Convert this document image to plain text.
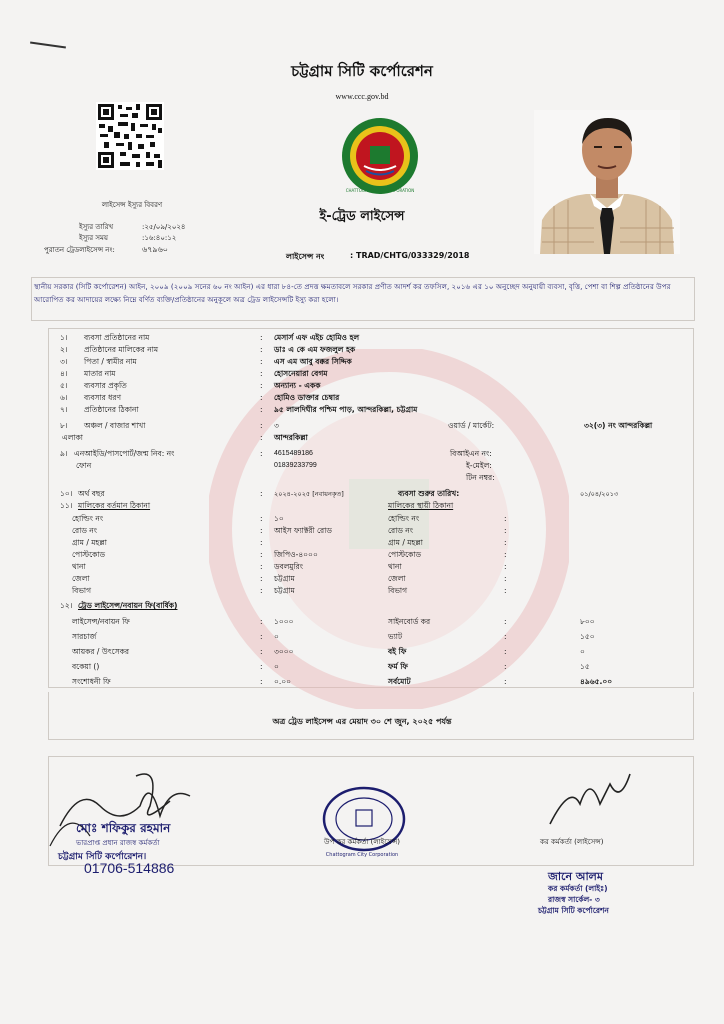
চট্টগ্রাম সিটি কর্পোরেশন
www.ccc.gov.bd
লাইসেন্স ইস্যুর বিবরণ
ইস্যুর তারিখ	:২৫/০৯/২০২৪
ইস্যুর সময়	:১৬:৪০:১২
পুরাতন ট্রেডলাইসেন্স নং:	৬৭৯৬০
CHATTOGRAM CITY CORPORATION
ই-ট্রেড লাইসেন্স
লাইসেন্স নং	: TRAD/CHTG/033329/2018
স্থানীয় সরকার (সিটি কর্পোরেশন) আইন, ২০০৯ (২০০৯ সনের ৬০ নং আইন) এর ধারা ৮৪-তে প্রদত্ত ক্ষমতাবলে সরকার প্রণীত আদর্শ কর তফসিল, ২০১৬ এর ১০ অনুচ্ছেদ অনুযায়ী ব্যবসা, বৃত্তি, পেশা বা শিল্প প্রতিষ্ঠানের উপর আরোপিত কর আদায়ের লক্ষ্যে নিম্নে বর্ণিত ব্যক্তি/প্রতিষ্ঠানের অনুকূলে অত্র ট্রেড লাইসেন্সটি ইস্যু করা হলো।
১। ব্যবসা প্রতিষ্ঠানের নাম	: মেসার্স এফ এইচ হোমিও হল
২। প্রতিষ্ঠানের মালিকের নাম	: ডাঃ এ কে এম ফজলুল হক
৩। পিতা / স্বামীর নাম	: এস এম আবু বক্কর সিদ্দিক
৪। মাতার নাম	: হোসনেয়ারা বেগম
৫। ব্যবসার প্রকৃতি	: অন্যান্য - একক
৬। ব্যবসার ধরণ	: হোমিও ডাক্তার চেম্বার
৭। প্রতিষ্ঠানের ঠিকানা	: ৯৫ লালদিঘীর পশ্চিম পাড়, আন্দরকিল্লা, চট্টগ্রাম
৮। অঞ্চল / বাজার শাখা	: ৩	ওয়ার্ড / মার্কেট:	৩২(৩) নং আন্দরকিল্লা
এলাকা	: আন্দরকিল্লা
৯। এনআইডি/পাসপোর্ট/জন্ম নিব: নং	: 4615489186	বিআইএন নং:
ফোন	01839233799	ই-মেইল:
টিন নম্বর:
১০। অর্থ বছর	: ২০২৪-২০২৫ [নবায়নকৃত]	ব্যবসা শুরুর তারিখ:	০১/০৪/২০১৩
১১। মালিকের বর্তমান ঠিকানা	মালিকের স্থায়ী ঠিকানা
হোল্ডিং নং	: ১০	হোল্ডিং নং	:
রোড নং	: আইস ফ্যাক্টরী রোড	রোড নং	:
গ্রাম / মহল্লা	:	গ্রাম / মহল্লা	:
পোস্টকোড	: জিপিও-৪০০০	পোস্টকোড	:
থানা	: ডবলমুরিং	থানা	:
জেলা	: চট্টগ্রাম	জেলা	:
বিভাগ	: চট্টগ্রাম	বিভাগ	:
১২। ট্রেড লাইসেন্স/নবায়ন ফি(বার্ষিক)
লাইসেন্স/নবায়ন ফি	: ১০০০	সাইনবোর্ড কর	:	৮০০
সারচার্জ	: ০	ভ্যাট	:	১৫০
আয়কর / উৎসেকর	: ৩০০০	বই ফি	:	০
বকেয়া ()	: ০	ফর্ম ফি	:	১৫
সংশোধনী ফি	: ০.০০	সর্বমোট	:	৪৯৬৫.০০
অত্র ট্রেড লাইসেন্স এর মেয়াদ ৩০ শে জুন, ২০২৫ পর্যন্ত
মোঃ শফিকুর রহমান
ভারপ্রাপ্ত প্রধান রাজস্ব কর্মকর্তা
চট্টগ্রাম সিটি কর্পোরেশন।
01706-514886
Chattogram City Corporation
উপ কর কর্মকর্তা (লাইসেন্স)	কর কর্মকর্তা (লাইসেন্স)
জানে আলম
কর কর্মকর্তা (লাইঃ)
রাজস্ব সার্কেল- ৩
চট্টগ্রাম সিটি কর্পোরেশন
